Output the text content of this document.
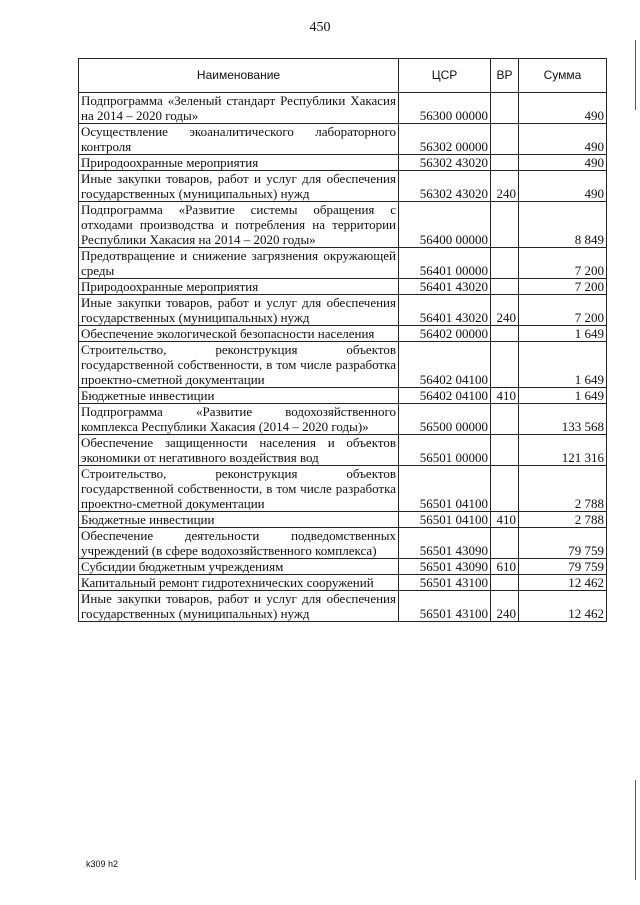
450
Наименование	ЦСР	ВР	Сумма
Подпрограмма «Зеленый стандарт Республики Хакасия на 2014 – 2020 годы»	56300 00000		490
Осуществление экоаналитического лабораторного контроля	56302 00000		490
Природоохранные мероприятия	56302 43020		490
Иные закупки товаров, работ и услуг для обеспечения государственных (муниципальных) нужд	56302 43020	240	490
Подпрограмма «Развитие системы обращения с отходами производства и потребления на территории Республики Хакасия на 2014 – 2020 годы»	56400 00000		8 849
Предотвращение и снижение загрязнения окружающей среды	56401 00000		7 200
Природоохранные мероприятия	56401 43020		7 200
Иные закупки товаров, работ и услуг для обеспечения государственных (муниципальных) нужд	56401 43020	240	7 200
Обеспечение экологической безопасности населения	56402 00000		1 649
Строительство, реконструкция объектов государственной собственности, в том числе разработка проектно-сметной документации	56402 04100		1 649
Бюджетные инвестиции	56402 04100	410	1 649
Подпрограмма «Развитие водохозяйственного комплекса Республики Хакасия (2014 – 2020 годы)»	56500 00000		133 568
Обеспечение защищенности населения и объектов экономики от негативного воздействия вод	56501 00000		121 316
Строительство, реконструкция объектов государственной собственности, в том числе разработка проектно-сметной документации	56501 04100		2 788
Бюджетные инвестиции	56501 04100	410	2 788
Обеспечение деятельности подведомственных учреждений (в сфере водохозяйственного комплекса)	56501 43090		79 759
Субсидии бюджетным учреждениям	56501 43090	610	79 759
Капитальный ремонт гидротехнических сооружений	56501 43100		12 462
Иные закупки товаров, работ и услуг для обеспечения государственных (муниципальных) нужд	56501 43100	240	12 462
k309 h2
